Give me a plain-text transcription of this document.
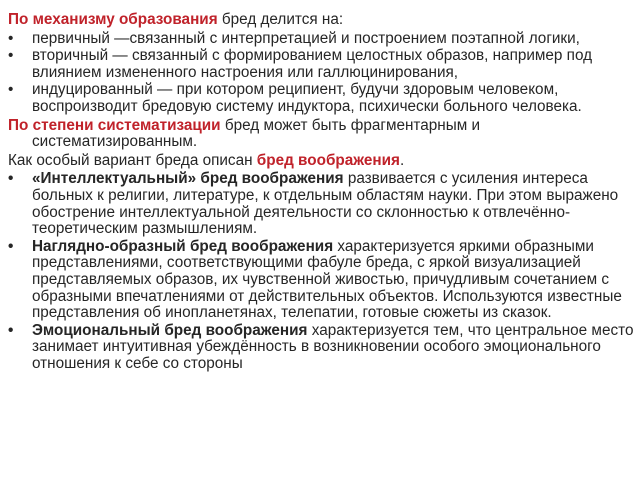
По механизму образования бред делится на:

•	первичный —связанный с интерпретацией и построением поэтапной логики,
•	вторичный — связанный с формированием целостных образов, например под влиянием измененного настроения или галлюцинирования,
•	индуцированный — при котором реципиент, будучи здоровым человеком, воспроизводит бредовую систему индуктора, психически больного человека.

По степени систематизации бред может быть фрагментарным и
систематизированным.

Как особый вариант бреда описан бред воображения.

•	«Интеллектуальный» бред воображения развивается с усиления интереса больных к религии, литературе, к отдельным областям науки. При этом выражено обострение интеллектуальной деятельности со склонностью к отвлечённо-теоретическим размышлениям.
•	Наглядно-образный бред воображения характеризуется яркими образными представлениями, соответствующими фабуле бреда, с яркой визуализацией представляемых образов, их чувственной живостью, причудливым сочетанием с образными впечатлениями от действительных объектов. Используются известные представления об инопланетянах, телепатии, готовые сюжеты из сказок.
•	Эмоциональный бред воображения характеризуется тем, что центральное место занимает интуитивная убеждённость в возникновении особого эмоционального отношения к себе со стороны
